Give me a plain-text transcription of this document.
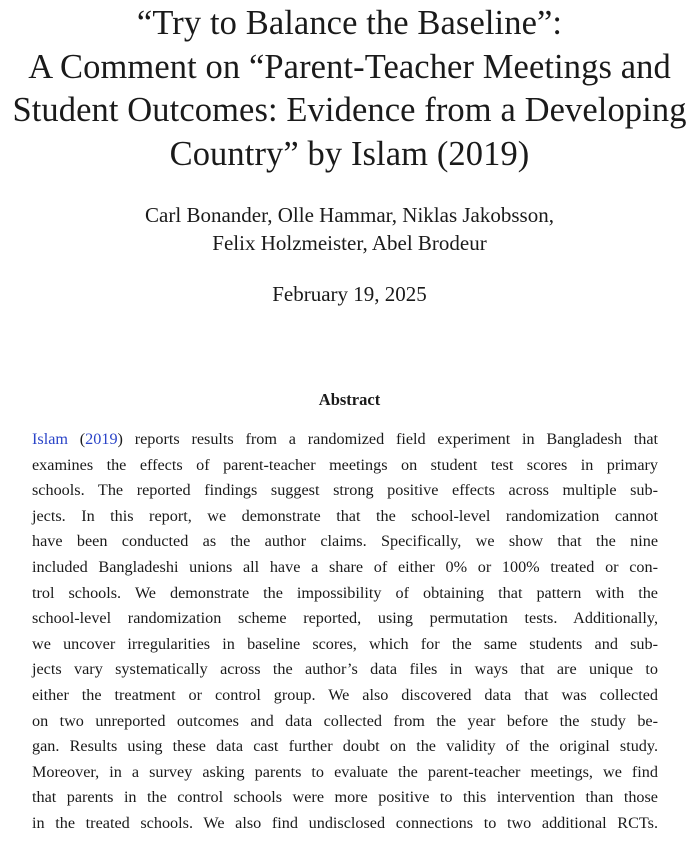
“Try to Balance the Baseline”:
A Comment on “Parent-Teacher Meetings and
Student Outcomes: Evidence from a Developing
Country” by Islam (2019)
Carl Bonander, Olle Hammar, Niklas Jakobsson,
Felix Holzmeister, Abel Brodeur
February 19, 2025
Abstract
Islam (2019) reports results from a randomized field experiment in Bangladesh that
examines the effects of parent-teacher meetings on student test scores in primary
schools. The reported findings suggest strong positive effects across multiple sub-
jects. In this report, we demonstrate that the school-level randomization cannot
have been conducted as the author claims. Specifically, we show that the nine
included Bangladeshi unions all have a share of either 0% or 100% treated or con-
trol schools. We demonstrate the impossibility of obtaining that pattern with the
school-level randomization scheme reported, using permutation tests. Additionally,
we uncover irregularities in baseline scores, which for the same students and sub-
jects vary systematically across the author’s data files in ways that are unique to
either the treatment or control group. We also discovered data that was collected
on two unreported outcomes and data collected from the year before the study be-
gan. Results using these data cast further doubt on the validity of the original study.
Moreover, in a survey asking parents to evaluate the parent-teacher meetings, we find
that parents in the control schools were more positive to this intervention than those
in the treated schools. We also find undisclosed connections to two additional RCTs.
